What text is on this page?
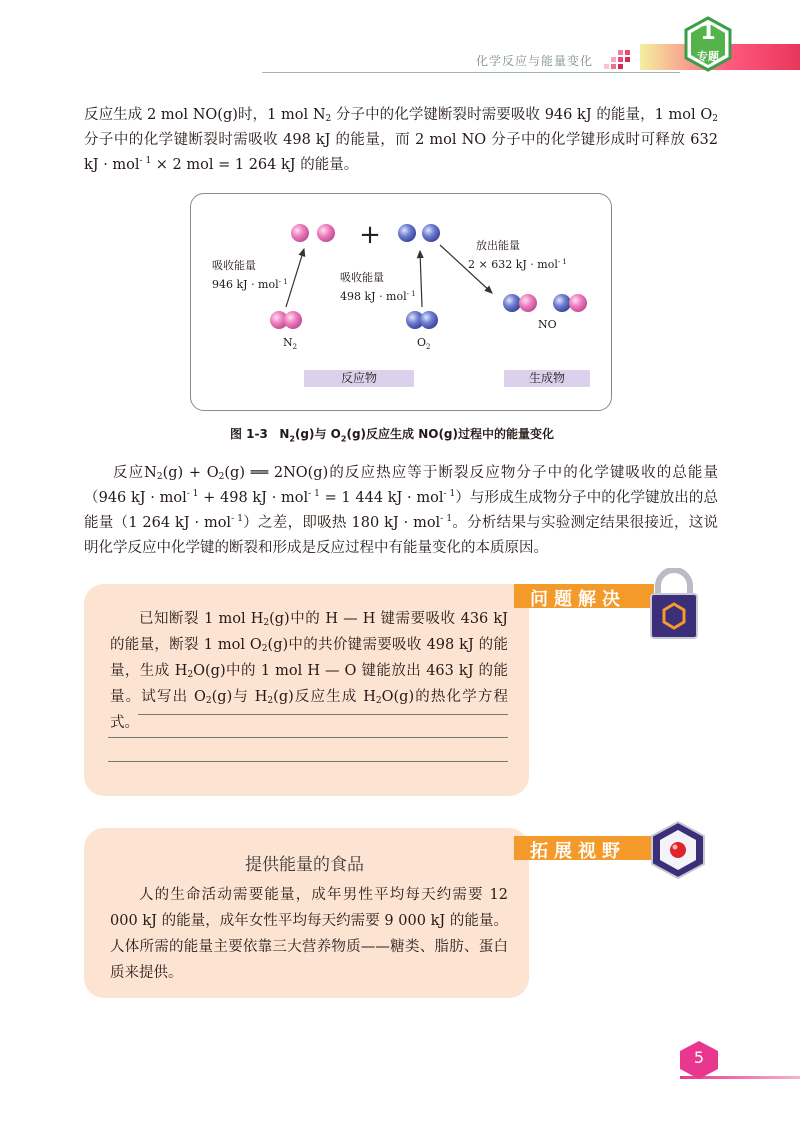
化学反应与能量变化
1
专题
反应生成 2 mol NO(g)时，1 mol $N_2$ 分子中的化学键断裂时需要吸收 946 kJ 的能量，1 mol $O_2$ 分子中的化学键断裂时需吸收 498 kJ 的能量，而 2 mol NO 分子中的化学键形成时可释放 632 kJ · mol$^{- 1}$ × 2 mol = 1 264 kJ 的能量。
+
吸收能量
946 kJ · mol$^{- 1}$	吸收能量
498 kJ · mol$^{- 1}$
放出能量
2 × 632 kJ · mol$^{- 1}$
$N_2$	$O_2$
NO
反应物	生成物
图 1-3 $N_2(g)$与 $O_2(g)$反应生成 NO(g)过程中的能量变化
反应$N_2(g) + O_2(g)$ ══ 2NO(g)的反应热应等于断裂反应物分子中的化学键吸收的总能量（946 kJ · mol$^{- 1}$ + 498 kJ · mol$^{- 1}$ = 1 444 kJ · mol$^{- 1}$）与形成生成物分子中的化学键放出的总能量（1 264 kJ · mol$^{- 1}$）之差，即吸热 180 kJ · mol$^{- 1}$。分析结果与实验测定结果很接近，这说明化学反应中化学键的断裂和形成是反应过程中有能量变化的本质原因。
问题解决
已知断裂 1 mol $H_2(g)$中的 H — H 键需要吸收 436 kJ 的能量，断裂 1 mol $O_2(g)$中的共价键需要吸收 498 kJ 的能量，生成 $H_2O(g)$中的 1 mol H — O 键能放出 463 kJ 的能量。试写出 $O_2(g)$与 $H_2(g)$反应生成 $H_2O(g)$的热化学方程式。
拓展视野
提供能量的食品
人的生命活动需要能量，成年男性平均每天约需要 12 000 kJ 的能量，成年女性平均每天约需要 9 000 kJ 的能量。人体所需的能量主要依靠三大营养物质——糖类、脂肪、蛋白质来提供。
5
